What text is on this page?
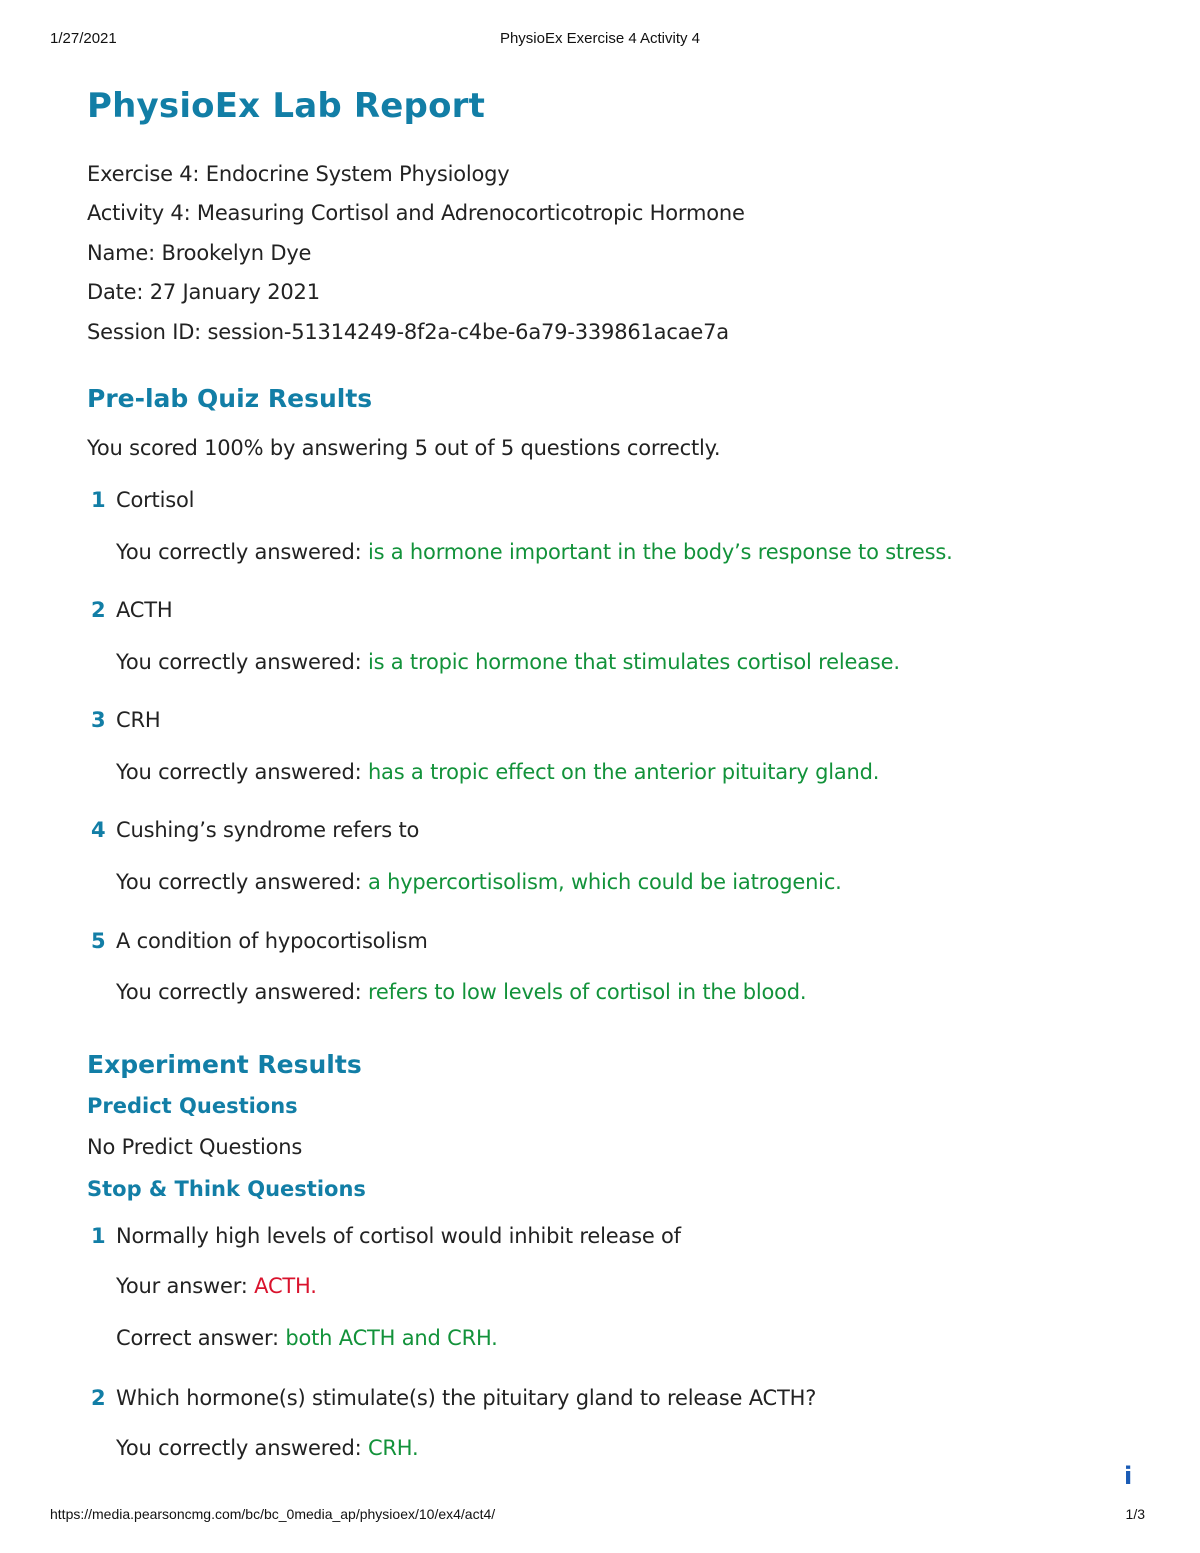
1/27/2021	PhysioEx Exercise 4 Activity 4
PhysioEx Lab Report
Exercise 4: Endocrine System Physiology
Activity 4: Measuring Cortisol and Adrenocorticotropic Hormone
Name: Brookelyn Dye
Date: 27 January 2021
Session ID: session-51314249-8f2a-c4be-6a79-339861acae7a
Pre-lab Quiz Results
You scored 100% by answering 5 out of 5 questions correctly.
1 Cortisol
You correctly answered: is a hormone important in the body’s response to stress.
2 ACTH
You correctly answered: is a tropic hormone that stimulates cortisol release.
3 CRH
You correctly answered: has a tropic effect on the anterior pituitary gland.
4 Cushing’s syndrome refers to
You correctly answered: a hypercortisolism, which could be iatrogenic.
5 A condition of hypocortisolism
You correctly answered: refers to low levels of cortisol in the blood.
Experiment Results
Predict Questions
No Predict Questions
Stop & Think Questions
1 Normally high levels of cortisol would inhibit release of
Your answer: ACTH.
Correct answer: both ACTH and CRH.
2 Which hormone(s) stimulate(s) the pituitary gland to release ACTH?
You correctly answered: CRH.
i
https://media.pearsoncmg.com/bc/bc_0media_ap/physioex/10/ex4/act4/	1/3
